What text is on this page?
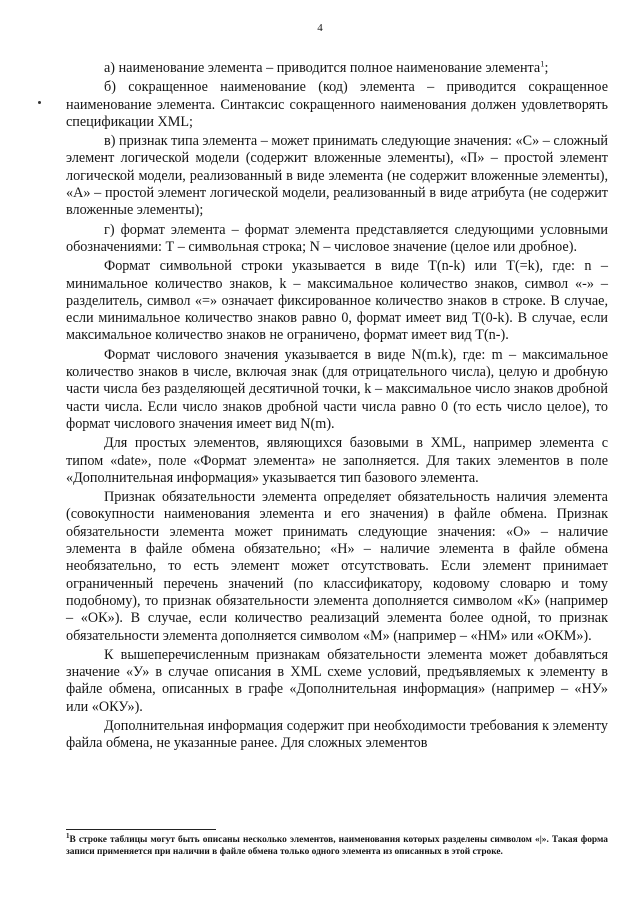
4

а) наименование элемента – приводится полное наименование элемента$^1$;

б) сокращенное наименование (код) элемента – приводится сокращенное наименование элемента. Синтаксис сокращенного наименования должен удовлетворять спецификации XML;

в) признак типа элемента – может принимать следующие значения: «С» – сложный элемент логической модели (содержит вложенные элементы), «П» – простой элемент логической модели, реализованный в виде элемента (не содержит вложенные элементы), «А» – простой элемент логической модели, реализованный в виде атрибута (не содержит вложенные элементы);

г) формат элемента – формат элемента представляется следующими условными обозначениями: Т – символьная строка; N – числовое значение (целое или дробное).

Формат символьной строки указывается в виде Т(n-k) или Т(=k), где: n – минимальное количество знаков, k – максимальное количество знаков, символ «-» – разделитель, символ «=» означает фиксированное количество знаков в строке. В случае, если минимальное количество знаков равно 0, формат имеет вид Т(0-k). В случае, если максимальное количество знаков не ограничено, формат имеет вид Т(n-).

Формат числового значения указывается в виде N(m.k), где: m – максимальное количество знаков в числе, включая знак (для отрицательного числа), целую и дробную части числа без разделяющей десятичной точки, k – максимальное число знаков дробной части числа. Если число знаков дробной части числа равно 0 (то есть число целое), то формат числового значения имеет вид N(m).

Для простых элементов, являющихся базовыми в XML, например элемента с типом «date», поле «Формат элемента» не заполняется. Для таких элементов в поле «Дополнительная информация» указывается тип базового элемента.

Признак обязательности элемента определяет обязательность наличия элемента (совокупности наименования элемента и его значения) в файле обмена. Признак обязательности элемента может принимать следующие значения: «О» – наличие элемента в файле обмена обязательно; «Н» – наличие элемента в файле обмена необязательно, то есть элемент может отсутствовать. Если элемент принимает ограниченный перечень значений (по классификатору, кодовому словарю и тому подобному), то признак обязательности элемента дополняется символом «К» (например – «ОК»). В случае, если количество реализаций элемента более одной, то признак обязательности элемента дополняется символом «М» (например – «НМ» или «ОКМ»).

К вышеперечисленным признакам обязательности элемента может добавляться значение «У» в случае описания в XML схеме условий, предъявляемых к элементу в файле обмена, описанных в графе «Дополнительная информация» (например – «НУ» или «ОКУ»).

Дополнительная информация содержит при необходимости требования к элементу файла обмена, не указанные ранее. Для сложных элементов

$^1$В строке таблицы могут быть описаны несколько элементов, наименования которых разделены символом «|». Такая форма записи применяется при наличии в файле обмена только одного элемента из описанных в этой строке.
